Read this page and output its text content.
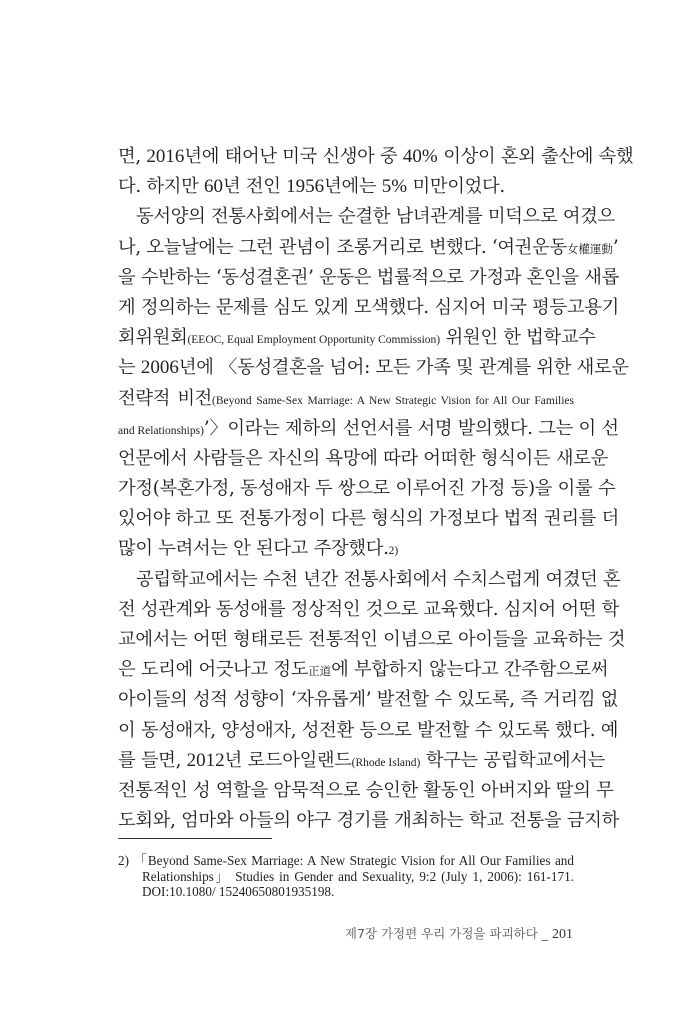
면, 2016년에 태어난 미국 신생아 중 40% 이상이 혼외 출산에 속했
다. 하지만 60년 전인 1956년에는 5% 미만이었다.
동서양의 전통사회에서는 순결한 남녀관계를 미덕으로 여겼으
나, 오늘날에는 그런 관념이 조롱거리로 변했다. ‘여권운동女權運動’
을 수반하는 ‘동성결혼권’ 운동은 법률적으로 가정과 혼인을 새롭
게 정의하는 문제를 심도 있게 모색했다. 심지어 미국 평등고용기
회위원회(EEOC, Equal Employment Opportunity Commission) 위원인 한 법학교수
는 2006년에 〈동성결혼을 넘어: 모든 가족 및 관계를 위한 새로운
전략적 비전(Beyond Same-Sex Marriage: A New Strategic Vision for All Our Families
and Relationships)’〉이라는 제하의 선언서를 서명 발의했다. 그는 이 선
언문에서 사람들은 자신의 욕망에 따라 어떠한 형식이든 새로운
가정(복혼가정, 동성애자 두 쌍으로 이루어진 가정 등)을 이룰 수
있어야 하고 또 전통가정이 다른 형식의 가정보다 법적 권리를 더
많이 누려서는 안 된다고 주장했다.2)
공립학교에서는 수천 년간 전통사회에서 수치스럽게 여겼던 혼
전 성관계와 동성애를 정상적인 것으로 교육했다. 심지어 어떤 학
교에서는 어떤 형태로든 전통적인 이념으로 아이들을 교육하는 것
은 도리에 어긋나고 정도正道에 부합하지 않는다고 간주함으로써
아이들의 성적 성향이 ‘자유롭게’ 발전할 수 있도록, 즉 거리낌 없
이 동성애자, 양성애자, 성전환 등으로 발전할 수 있도록 했다. 예
를 들면, 2012년 로드아일랜드(Rhode Island) 학구는 공립학교에서는
전통적인 성 역할을 암묵적으로 승인한 활동인 아버지와 딸의 무
도회와, 엄마와 아들의 야구 경기를 개최하는 학교 전통을 금지하
2) 「Beyond Same-Sex Marriage: A New Strategic Vision for All Our Families and
Relationships」 Studies in Gender and Sexuality, 9:2 (July 1, 2006): 161-171.
DOI:10.1080/ 15240650801935198.
제7장 가정편 우리 가정을 파괴하다 _ 201
